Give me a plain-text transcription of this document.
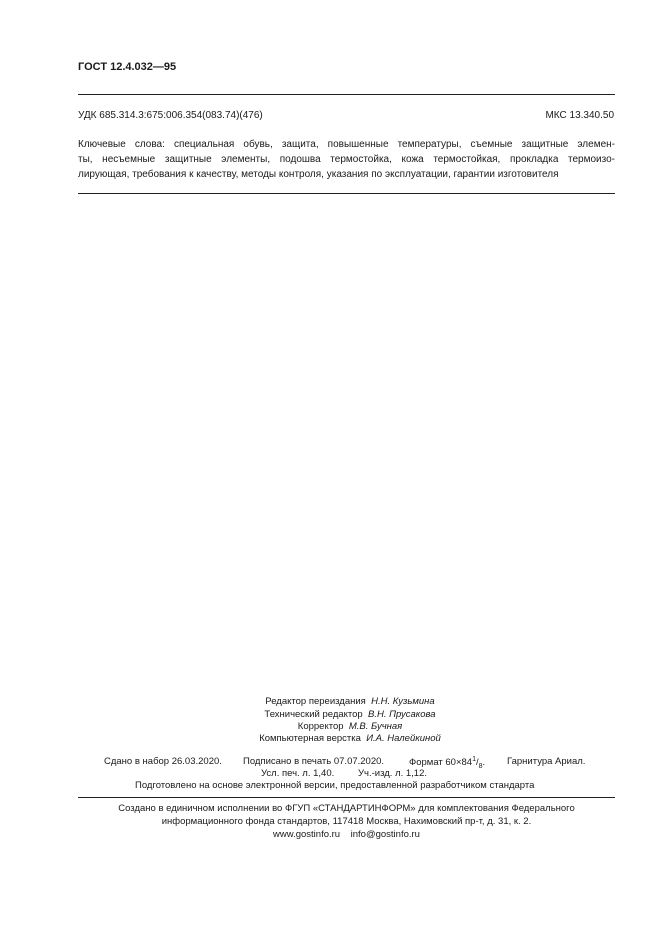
ГОСТ 12.4.032—95
УДК 685.314.3:675:006.354(083.74)(476)	МКС 13.340.50
Ключевые слова: специальная обувь, защита, повышенные температуры, съемные защитные элемен-
ты, несъемные защитные элементы, подошва термостойка, кожа термостойкая, прокладка термоизо-
лирующая, требования к качеству, методы контроля, указания по эксплуатации, гарантии изготовителя
Редактор переиздания Н.Н. Кузьмина
Технический редактор В.Н. Прусакова
Корректор М.В. Бучная
Компьютерная верстка И.А. Налейкиной
Сдано в набор 26.03.2020. Подписано в печать 07.07.2020.	Формат $60\times 84^1/_8$. Гарнитура Ариал.
Усл. печ. л. 1,40. Уч.-изд. л. 1,12.
Подготовлено на основе электронной версии, предоставленной разработчиком стандарта
Создано в единичном исполнении во ФГУП «СТАНДАРТИНФОРМ» для комплектования Федерального
информационного фонда стандартов, 117418 Москва, Нахимовский пр-т, д. 31, к. 2.
www.gostinfo.ru info@gostinfo.ru
